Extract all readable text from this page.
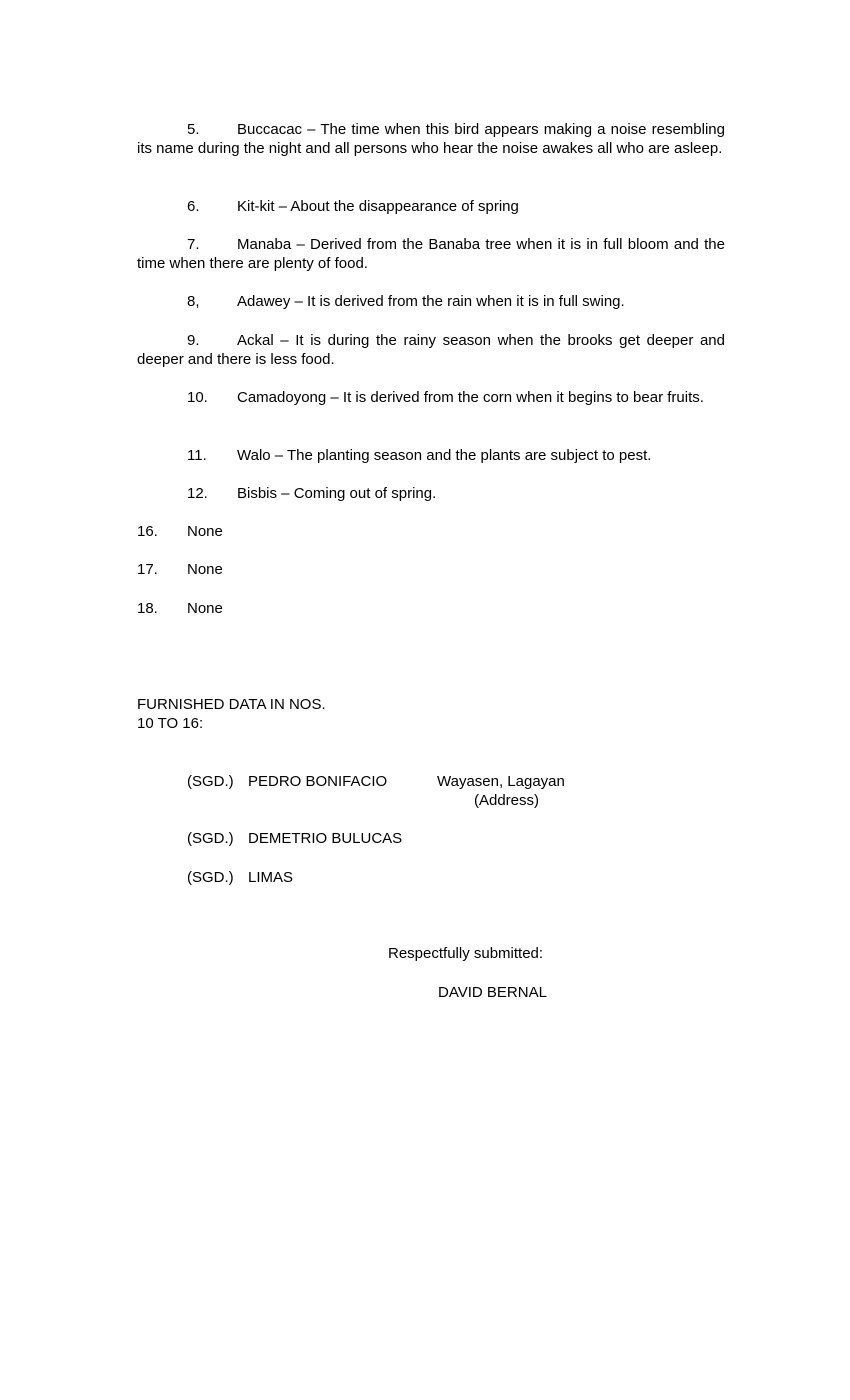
5. Buccacac – The time when this bird appears making a noise resembling its name during the night and all persons who hear the noise awakes all who are asleep.
6. Kit-kit – About the disappearance of spring
7. Manaba – Derived from the Banaba tree when it is in full bloom and the time when there are plenty of food.
8, Adawey – It is derived from the rain when it is in full swing.
9. Ackal – It is during the rainy season when the brooks get deeper and deeper and there is less food.
10. Camadoyong – It is derived from the corn when it begins to bear fruits.
11. Walo – The planting season and the plants are subject to pest.
12. Bisbis – Coming out of spring.
16. None
17. None
18. None
FURNISHED DATA IN NOS.
10 TO 16:
(SGD.) PEDRO BONIFACIO	Wayasen, Lagayan
(Address)
(SGD.) DEMETRIO BULUCAS
(SGD.) LIMAS
Respectfully submitted:
DAVID BERNAL
